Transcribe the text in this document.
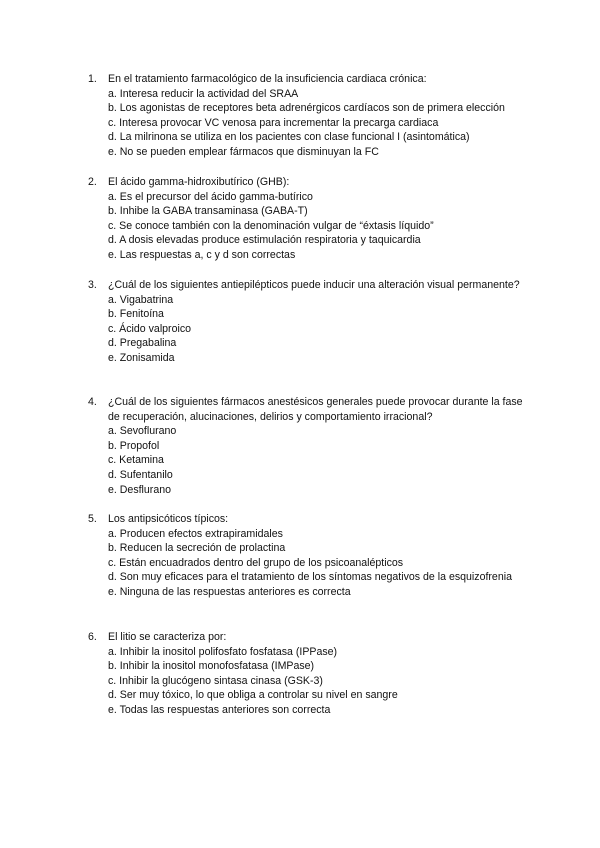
1. En el tratamiento farmacológico de la insuficiencia cardiaca crónica:
a. Interesa reducir la actividad del SRAA
b. Los agonistas de receptores beta adrenérgicos cardíacos son de primera elección
c. Interesa provocar VC venosa para incrementar la precarga cardiaca
d. La milrinona se utiliza en los pacientes con clase funcional I (asintomática)
e. No se pueden emplear fármacos que disminuyan la FC
2. El ácido gamma-hidroxibutírico (GHB):
a. Es el precursor del ácido gamma-butírico
b. Inhibe la GABA transaminasa (GABA-T)
c. Se conoce también con la denominación vulgar de “éxtasis líquido”
d. A dosis elevadas produce estimulación respiratoria y taquicardia
e. Las respuestas a, c y d son correctas
3. ¿Cuál de los siguientes antiepilépticos puede inducir una alteración visual permanente?
a. Vigabatrina
b. Fenitoína
c. Ácido valproico
d. Pregabalina
e. Zonisamida
4. ¿Cuál de los siguientes fármacos anestésicos generales puede provocar durante la fase de recuperación, alucinaciones, delirios y comportamiento irracional?
a. Sevoflurano
b. Propofol
c. Ketamina
d. Sufentanilo
e. Desflurano
5. Los antipsicóticos típicos:
a. Producen efectos extrapiramidales
b. Reducen la secreción de prolactina
c. Están encuadrados dentro del grupo de los psicoanalépticos
d. Son muy eficaces para el tratamiento de los síntomas negativos de la esquizofrenia
e. Ninguna de las respuestas anteriores es correcta
6. El litio se caracteriza por:
a. Inhibir la inositol polifosfato fosfatasa (IPPase)
b. Inhibir la inositol monofosfatasa (IMPase)
c. Inhibir la glucógeno sintasa cinasa (GSK-3)
d. Ser muy tóxico, lo que obliga a controlar su nivel en sangre
e. Todas las respuestas anteriores son correcta
